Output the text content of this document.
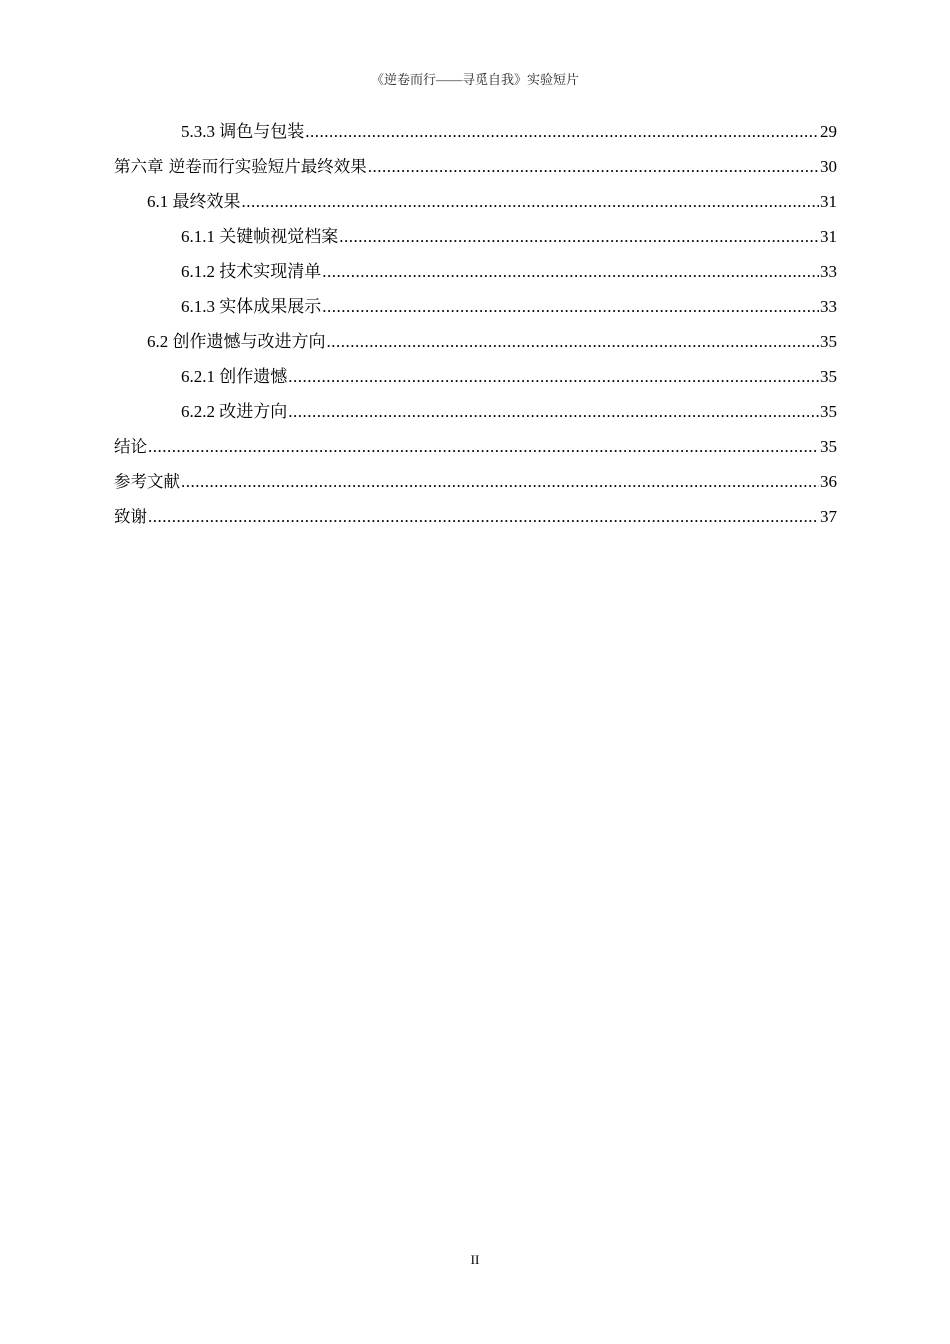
《逆卷而行——寻觅自我》实验短片
5.3.3 调色与包装 .....	29
第六章 逆卷而行实验短片最终效果 .....	30
6.1 最终效果 .....	31
6.1.1 关键帧视觉档案 .....	31
6.1.2 技术实现清单 .....	33
6.1.3 实体成果展示 .....	33
6.2 创作遗憾与改进方向 .....	35
6.2.1 创作遗憾 .....	35
6.2.2 改进方向 .....	35
结论 .....	35
参考文献 .....	36
致谢 .....	37
II
